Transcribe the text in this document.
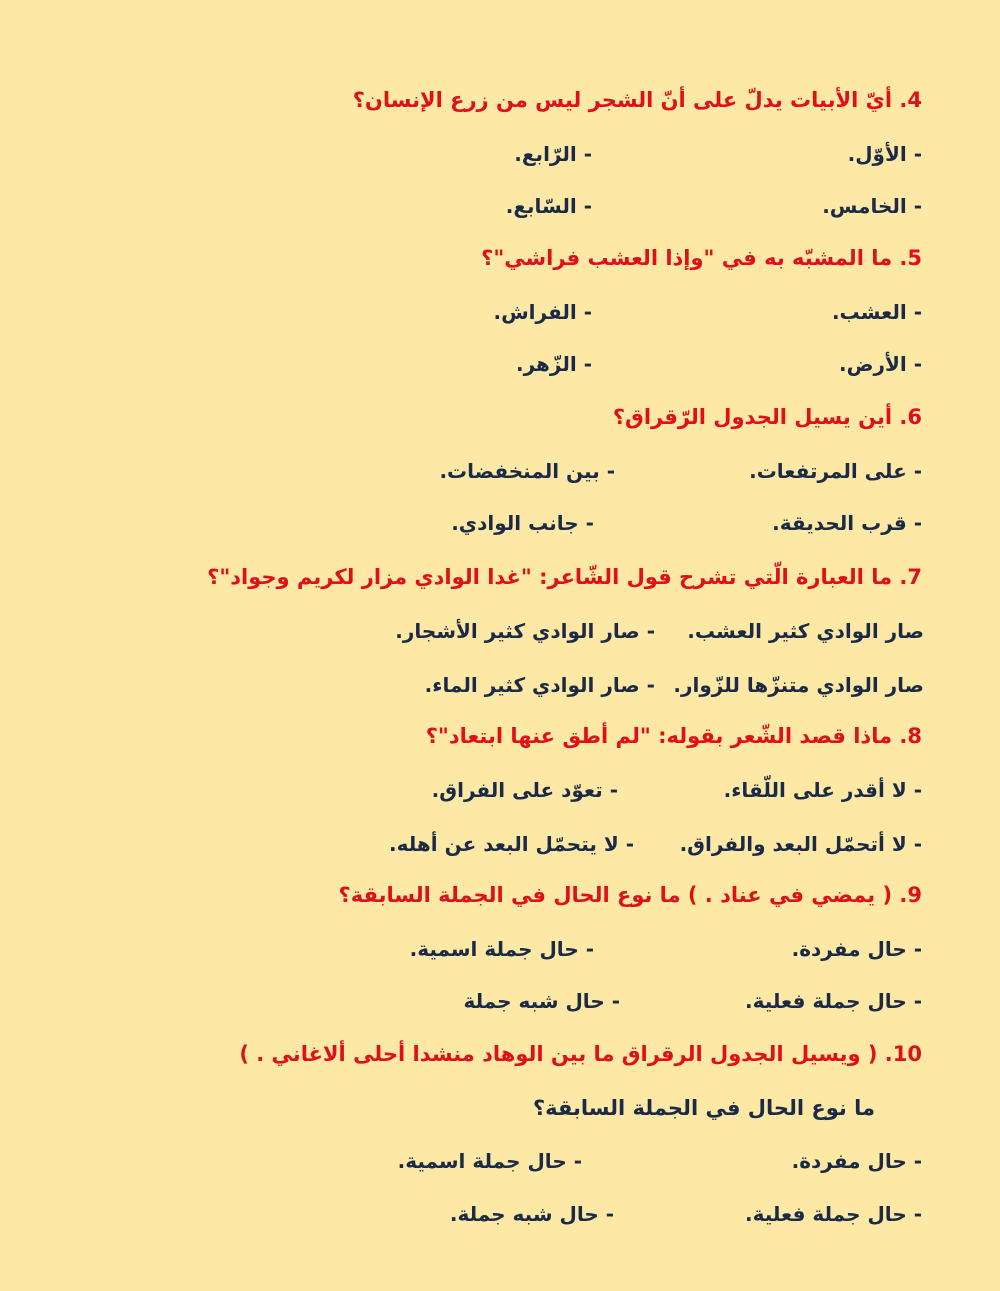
4. أيّ الأبيات يدلّ على أنّ الشجر ليس من زرع الإنسان؟
- الأوّل.
- الرّابع.
- الخامس.
- السّابع.
5. ما المشبّه به في "وإذا العشب فراشي"؟
- العشب.
- الفراش.
- الأرض.
- الزّهر.
6. أين يسيل الجدول الرّقراق؟
- على المرتفعات.
- بين المنخفضات.
- قرب الحديقة.
- جانب الوادي.
7. ما العبارة الّتي تشرح قول الشّاعر: "غدا الوادي مزار لكريم وجواد"؟
صار الوادي كثير العشب.
- صار الوادي كثير الأشجار.
صار الوادي متنزّها للزّوار.
- صار الوادي كثير الماء.
8. ماذا قصد الشّعر بقوله: "لم أطق عنها ابتعاد"؟
- لا أقدر على اللّقاء.
- تعوّد على الفراق.
- لا أتحمّل البعد والفراق.
- لا يتحمّل البعد عن أهله.
9. ( يمضي في عناد . ) ما نوع الحال في الجملة السابقة؟
- حال مفردة.
- حال جملة اسمية.
- حال جملة فعلية.
- حال شبه جملة
10. ( ويسيل الجدول الرقراق ما بين الوهاد منشدا أحلى ألاغاني . )
ما نوع الحال في الجملة السابقة؟
- حال مفردة.
- حال جملة اسمية.
- حال جملة فعلية.
- حال شبه جملة.
